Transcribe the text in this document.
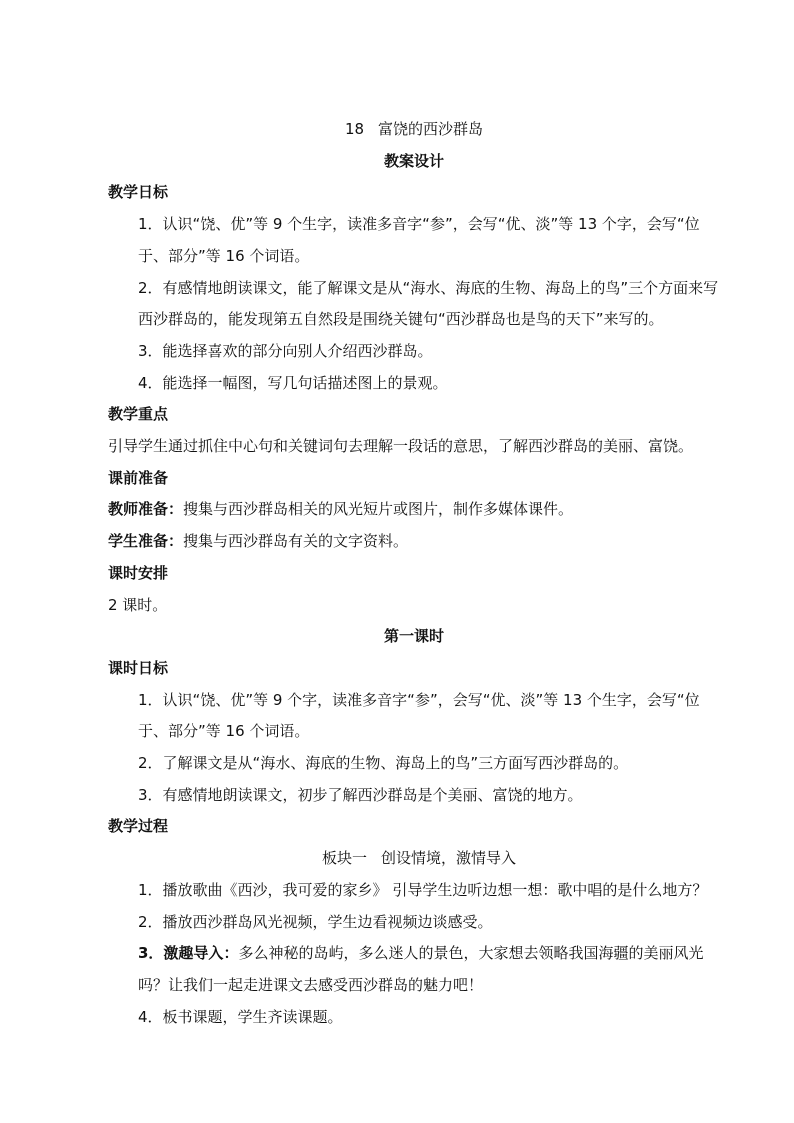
18 富饶的西沙群岛
教案设计
教学日标
1．认识“饶、优”等 9 个生字，读准多音字“参”，会写“优、淡”等 13 个字，会写“位于、部分”等 16 个词语。
2．有感情地朗读课文，能了解课文是从“海水、海底的生物、海岛上的鸟”三个方面来写西沙群岛的，能发现第五自然段是围绕关键句“西沙群岛也是鸟的天下”来写的。
3．能选择喜欢的部分向别人介绍西沙群岛。
4．能选择一幅图，写几句话描述图上的景观。
教学重点
引导学生通过抓住中心句和关键词句去理解一段话的意思，了解西沙群岛的美丽、富饶。
课前准备
教师准备：搜集与西沙群岛相关的风光短片或图片，制作多媒体课件。
学生准备：搜集与西沙群岛有关的文字资料。
课时安排
2 课时。
第一课时
课时日标
1．认识“饶、优”等 9 个字，读准多音字“参”，会写“优、淡”等 13 个生字，会写“位于、部分”等 16 个词语。
2．了解课文是从“海水、海底的生物、海岛上的鸟”三方面写西沙群岛的。
3．有感情地朗读课文，初步了解西沙群岛是个美丽、富饶的地方。
教学过程
板块一 创设情境，激情导入
1．播放歌曲《西沙，我可爱的家乡》 引导学生边听边想一想：歌中唱的是什么地方？
2．播放西沙群岛风光视频，学生边看视频边谈感受。
3．激趣导入：多么神秘的岛屿，多么迷人的景色，大家想去领略我国海疆的美丽风光吗？让我们一起走进课文去感受西沙群岛的魅力吧！
4．板书课题，学生齐读课题。
